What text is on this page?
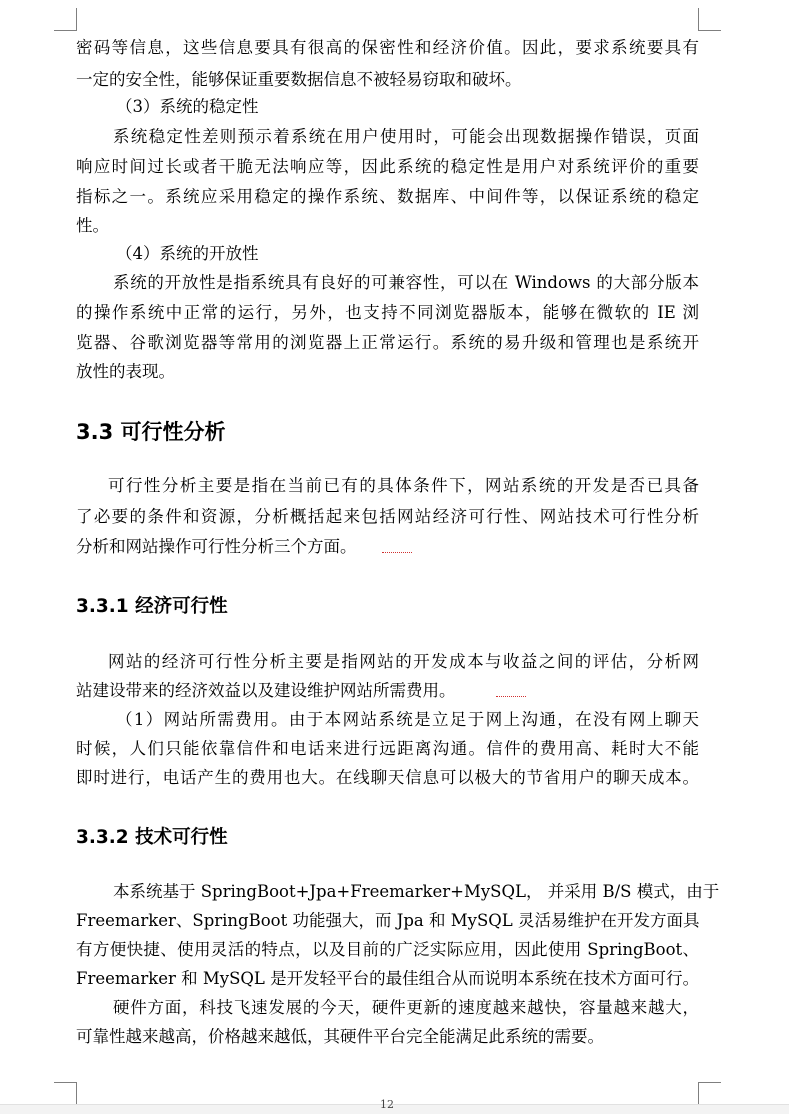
密码等信息，这些信息要具有很高的保密性和经济价值。因此，要求系统要具有
一定的安全性，能够保证重要数据信息不被轻易窃取和破坏。
（3）系统的稳定性
系统稳定性差则预示着系统在用户使用时，可能会出现数据操作错误，页面
响应时间过长或者干脆无法响应等，因此系统的稳定性是用户对系统评价的重要
指标之一。系统应采用稳定的操作系统、数据库、中间件等，以保证系统的稳定
性。
（4）系统的开放性
系统的开放性是指系统具有良好的可兼容性，可以在 Windows 的大部分版本
的操作系统中正常的运行，另外，也支持不同浏览器版本，能够在微软的 IE 浏
览器、谷歌浏览器等常用的浏览器上正常运行。系统的易升级和管理也是系统开
放性的表现。
3.3 可行性分析
可行性分析主要是指在当前已有的具体条件下，网站系统的开发是否已具备
了必要的条件和资源，分析概括起来包括网站经济可行性、网站技术可行性分析
分析和网站操作可行性分析三个方面。
3.3.1 经济可行性
网站的经济可行性分析主要是指网站的开发成本与收益之间的评估，分析网
站建设带来的经济效益以及建设维护网站所需费用。
（1）网站所需费用。由于本网站系统是立足于网上沟通，在没有网上聊天
时候，人们只能依靠信件和电话来进行远距离沟通。信件的费用高、耗时大不能
即时进行，电话产生的费用也大。在线聊天信息可以极大的节省用户的聊天成本。
3.3.2 技术可行性
本系统基于 SpringBoot+Jpa+Freemarker+MySQL， 并采用 B/S 模式，由于
Freemarker、SpringBoot 功能强大，而 Jpa 和 MySQL 灵活易维护在开发方面具
有方便快捷、使用灵活的特点，以及目前的广泛实际应用，因此使用 SpringBoot、
Freemarker 和 MySQL 是开发轻平台的最佳组合从而说明本系统在技术方面可行。
硬件方面，科技飞速发展的今天，硬件更新的速度越来越快，容量越来越大，
可靠性越来越高，价格越来越低，其硬件平台完全能满足此系统的需要。
12
